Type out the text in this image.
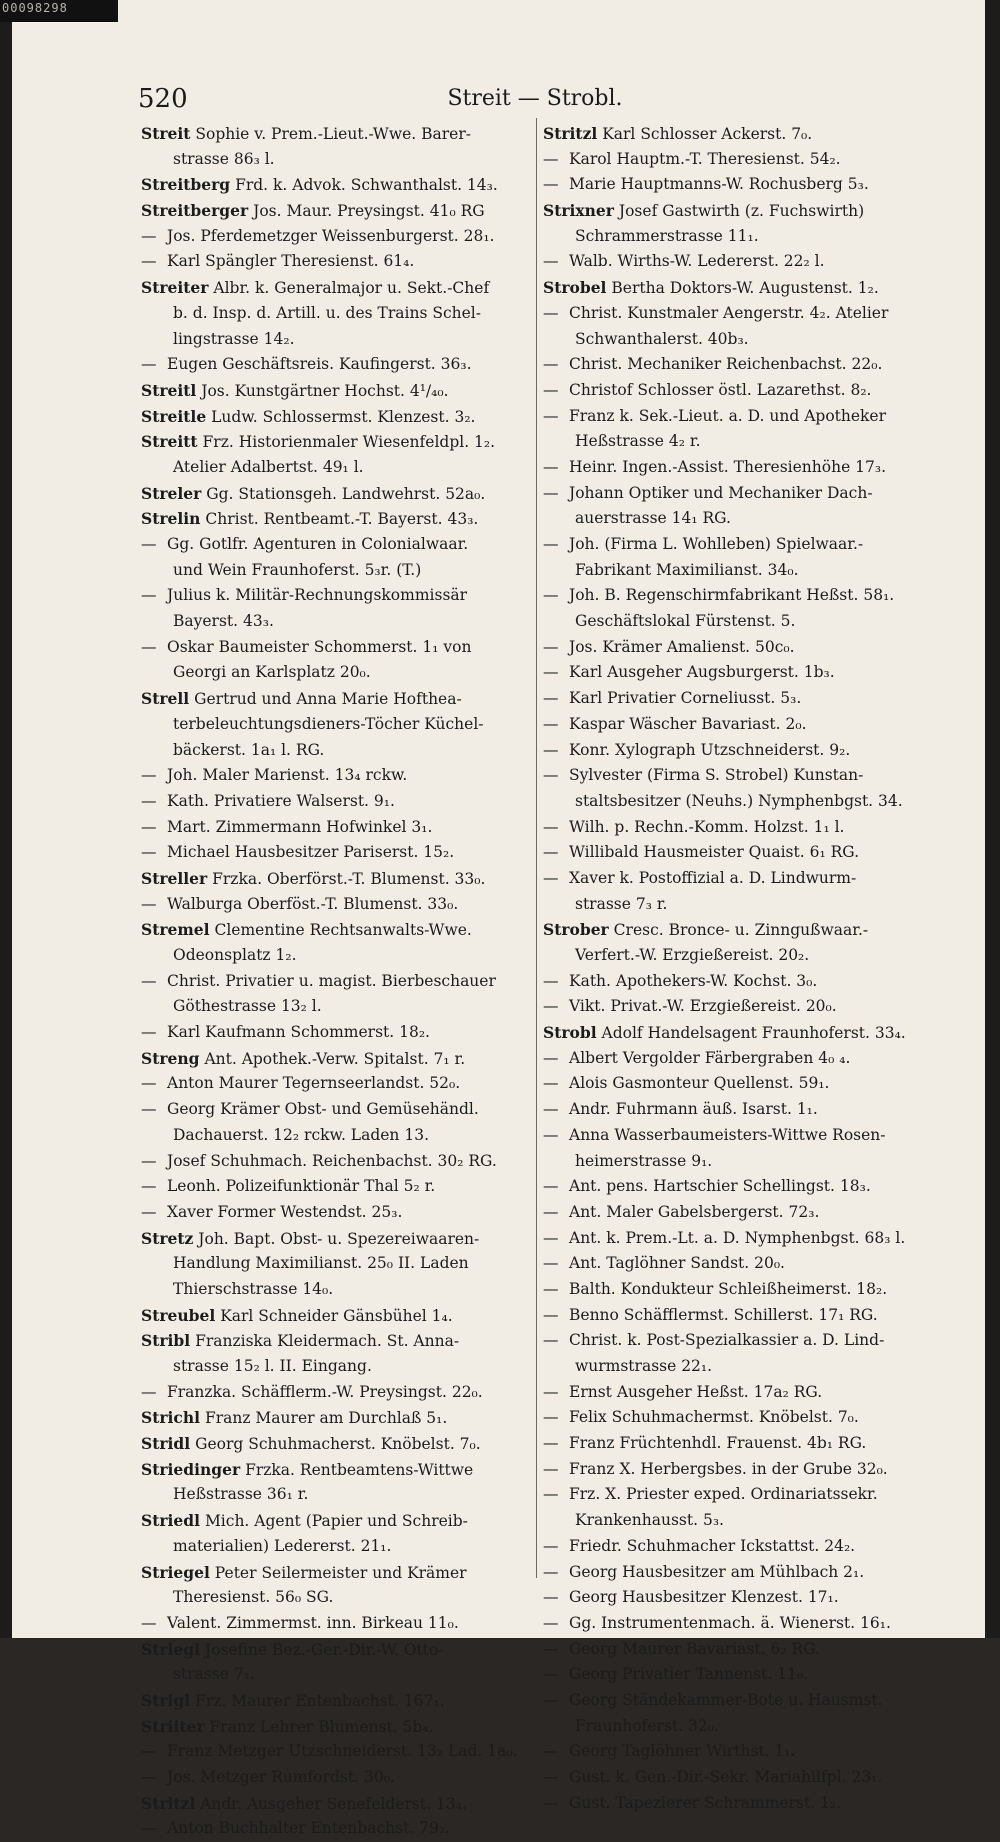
00098298
520	Streit — Strobl.
Streit Sophie v. Prem.-Lieut.-Wwe. Barer-
strasse 86₃ l.
Streitberg Frd. k. Advok. Schwanthalst. 14₃.
Streitberger Jos. Maur. Preysingst. 41₀ RG
— Jos. Pferdemetzger Weissenburgerst. 28₁.
— Karl Spängler Theresienst. 61₄.
Streiter Albr. k. Generalmajor u. Sekt.-Chef
b. d. Insp. d. Artill. u. des Trains Schel-
lingstrasse 14₂.
— Eugen Geschäftsreis. Kaufingerst. 36₃.
Streitl Jos. Kunstgärtner Hochst. 4¹/₄₀.
Streitle Ludw. Schlossermst. Klenzest. 3₂.
Streitt Frz. Historienmaler Wiesenfeldpl. 1₂.
Atelier Adalbertst. 49₁ l.
Streler Gg. Stationsgeh. Landwehrst. 52a₀.
Strelin Christ. Rentbeamt.-T. Bayerst. 43₃.
— Gg. Gotlfr. Agenturen in Colonialwaar.
und Wein Fraunhoferst. 5₃r. (T.)
— Julius k. Militär-Rechnungskommissär
Bayerst. 43₃.
— Oskar Baumeister Schommerst. 1₁ von
Georgi an Karlsplatz 20₀.
Strell Gertrud und Anna Marie Hofthea-
terbeleuchtungsdieners-Töcher Küchel-
bäckerst. 1a₁ l. RG.
— Joh. Maler Marienst. 13₄ rckw.
— Kath. Privatiere Walserst. 9₁.
— Mart. Zimmermann Hofwinkel 3₁.
— Michael Hausbesitzer Pariserst. 15₂.
Streller Frzka. Oberförst.-T. Blumenst. 33₀.
— Walburga Oberföst.-T. Blumenst. 33₀.
Stremel Clementine Rechtsanwalts-Wwe.
Odeonsplatz 1₂.
— Christ. Privatier u. magist. Bierbeschauer
Göthestrasse 13₂ l.
— Karl Kaufmann Schommerst. 18₂.
Streng Ant. Apothek.-Verw. Spitalst. 7₁ r.
— Anton Maurer Tegernseerlandst. 52₀.
— Georg Krämer Obst- und Gemüsehändl.
Dachauerst. 12₂ rckw. Laden 13.
— Josef Schuhmach. Reichenbachst. 30₂ RG.
— Leonh. Polizeifunktionär Thal 5₂ r.
— Xaver Former Westendst. 25₃.
Stretz Joh. Bapt. Obst- u. Spezereiwaaren-
Handlung Maximilianst. 25₀ II. Laden
Thierschstrasse 14₀.
Streubel Karl Schneider Gänsbühel 1₄.
Stribl Franziska Kleidermach. St. Anna-
strasse 15₂ l. II. Eingang.
— Franzka. Schäfflerm.-W. Preysingst. 22₀.
Strichl Franz Maurer am Durchlaß 5₁.
Stridl Georg Schuhmacherst. Knöbelst. 7₀.
Striedinger Frzka. Rentbeamtens-Wittwe
Heßstrasse 36₁ r.
Striedl Mich. Agent (Papier und Schreib-
materialien) Ledererst. 21₁.
Striegel Peter Seilermeister und Krämer
Theresienst. 56₀ SG.
— Valent. Zimmermst. inn. Birkeau 11₀.
Striegl Josefine Bez.-Ger.-Dir.-W. Otto-
strasse 7₁.
Strigl Frz. Maurer Entenbachst. 167₁.
Striiter Franz Lehrer Blumenst. 5b₄.
— Franz Metzger Utzschneiderst. 13₂ Lad. 1a₀.
— Jos. Metzger Rumfordst. 30₀.
Stritzl Andr. Ausgeher Senefelderst. 13₄.
— Anton Buchhalter Entenbachst. 79₂.
Stritzl Karl Schlosser Ackerst. 7₀.
— Karol Hauptm.-T. Theresienst. 54₂.
— Marie Hauptmanns-W. Rochusberg 5₃.
Strixner Josef Gastwirth (z. Fuchswirth)
Schrammerstrasse 11₁.
— Walb. Wirths-W. Ledererst. 22₂ l.
Strobel Bertha Doktors-W. Augustenst. 1₂.
— Christ. Kunstmaler Aengerstr. 4₂. Atelier
Schwanthalerst. 40b₃.
— Christ. Mechaniker Reichenbachst. 22₀.
— Christof Schlosser östl. Lazarethst. 8₂.
— Franz k. Sek.-Lieut. a. D. und Apotheker
Heßstrasse 4₂ r.
— Heinr. Ingen.-Assist. Theresienhöhe 17₃.
— Johann Optiker und Mechaniker Dach-
auerstrasse 14₁ RG.
— Joh. (Firma L. Wohlleben) Spielwaar.-
Fabrikant Maximilianst. 34₀.
— Joh. B. Regenschirmfabrikant Heßst. 58₁.
Geschäftslokal Fürstenst. 5.
— Jos. Krämer Amalienst. 50c₀.
— Karl Ausgeher Augsburgerst. 1b₃.
— Karl Privatier Corneliusst. 5₃.
— Kaspar Wäscher Bavariast. 2₀.
— Konr. Xylograph Utzschneiderst. 9₂.
— Sylvester (Firma S. Strobel) Kunstan-
staltsbesitzer (Neuhs.) Nymphenbgst. 34.
— Wilh. p. Rechn.-Komm. Holzst. 1₁ l.
— Willibald Hausmeister Quaist. 6₁ RG.
— Xaver k. Postoffizial a. D. Lindwurm-
strasse 7₃ r.
Strober Cresc. Bronce- u. Zinngußwaar.-
Verfert.-W. Erzgießereist. 20₂.
— Kath. Apothekers-W. Kochst. 3₀.
— Vikt. Privat.-W. Erzgießereist. 20₀.
Strobl Adolf Handelsagent Fraunhoferst. 33₄.
— Albert Vergolder Färbergraben 4₀ ₄.
— Alois Gasmonteur Quellenst. 59₁.
— Andr. Fuhrmann äuß. Isarst. 1₁.
— Anna Wasserbaumeisters-Wittwe Rosen-
heimerstrasse 9₁.
— Ant. pens. Hartschier Schellingst. 18₃.
— Ant. Maler Gabelsbergerst. 72₃.
— Ant. k. Prem.-Lt. a. D. Nymphenbgst. 68₃ l.
— Ant. Taglöhner Sandst. 20₀.
— Balth. Kondukteur Schleißheimerst. 18₂.
— Benno Schäfflermst. Schillerst. 17₁ RG.
— Christ. k. Post-Spezialkassier a. D. Lind-
wurmstrasse 22₁.
— Ernst Ausgeher Heßst. 17a₂ RG.
— Felix Schuhmachermst. Knöbelst. 7₀.
— Franz Früchtenhdl. Frauenst. 4b₁ RG.
— Franz X. Herbergsbes. in der Grube 32₀.
— Frz. X. Priester exped. Ordinariatssekr.
Krankenhausst. 5₃.
— Friedr. Schuhmacher Ickstattst. 24₂.
— Georg Hausbesitzer am Mühlbach 2₁.
— Georg Hausbesitzer Klenzest. 17₁.
— Gg. Instrumentenmach. ä. Wienerst. 16₁.
— Georg Maurer Bavariast. 6₂ RG.
— Georg Privatier Tannenst. 11₀.
— Georg Ständekammer-Bote u. Hausmst.
Fraunhoferst. 32₀.
— Georg Taglöhner Wirthst. 1₁.
— Gust. k. Gen.-Dir.-Sekr. Mariahilfpl. 23₁.
— Gust. Tapezierer Schrammerst. 1₂.
